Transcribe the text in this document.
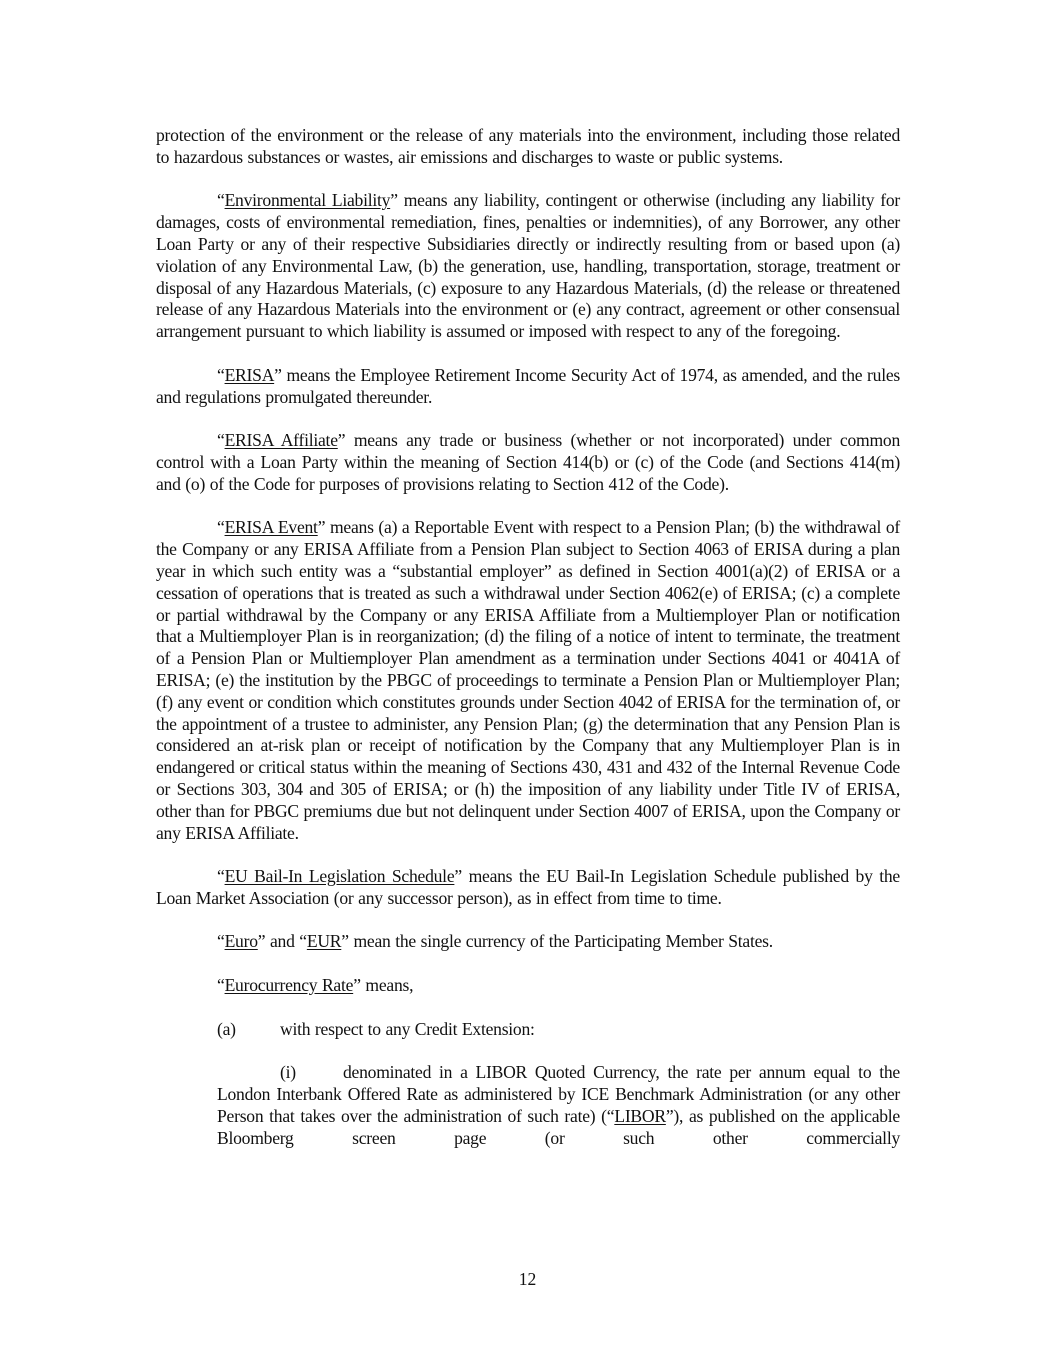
protection of the environment or the release of any materials into the environment, including those related to hazardous substances or wastes, air emissions and discharges to waste or public systems.

“Environmental Liability” means any liability, contingent or otherwise (including any liability for damages, costs of environmental remediation, fines, penalties or indemnities), of any Borrower, any other Loan Party or any of their respective Subsidiaries directly or indirectly resulting from or based upon (a) violation of any Environmental Law, (b) the generation, use, handling, transportation, storage, treatment or disposal of any Hazardous Materials, (c) exposure to any Hazardous Materials, (d) the release or threatened release of any Hazardous Materials into the environment or (e) any contract, agreement or other consensual arrangement pursuant to which liability is assumed or imposed with respect to any of the foregoing.

“ERISA” means the Employee Retirement Income Security Act of 1974, as amended, and the rules and regulations promulgated thereunder.

“ERISA Affiliate” means any trade or business (whether or not incorporated) under common control with a Loan Party within the meaning of Section 414(b) or (c) of the Code (and Sections 414(m) and (o) of the Code for purposes of provisions relating to Section 412 of the Code).

“ERISA Event” means (a) a Reportable Event with respect to a Pension Plan; (b) the withdrawal of the Company or any ERISA Affiliate from a Pension Plan subject to Section 4063 of ERISA during a plan year in which such entity was a “substantial employer” as defined in Section 4001(a)(2) of ERISA or a cessation of operations that is treated as such a withdrawal under Section 4062(e) of ERISA; (c) a complete or partial withdrawal by the Company or any ERISA Affiliate from a Multiemployer Plan or notification that a Multiemployer Plan is in reorganization; (d) the filing of a notice of intent to terminate, the treatment of a Pension Plan or Multiemployer Plan amendment as a termination under Sections 4041 or 4041A of ERISA; (e) the institution by the PBGC of proceedings to terminate a Pension Plan or Multiemployer Plan; (f) any event or condition which constitutes grounds under Section 4042 of ERISA for the termination of, or the appointment of a trustee to administer, any Pension Plan; (g) the determination that any Pension Plan is considered an at-risk plan or receipt of notification by the Company that any Multiemployer Plan is in endangered or critical status within the meaning of Sections 430, 431 and 432 of the Internal Revenue Code or Sections 303, 304 and 305 of ERISA; or (h) the imposition of any liability under Title IV of ERISA, other than for PBGC premiums due but not delinquent under Section 4007 of ERISA, upon the Company or any ERISA Affiliate.

“EU Bail-In Legislation Schedule” means the EU Bail-In Legislation Schedule published by the Loan Market Association (or any successor person), as in effect from time to time.

“Euro” and “EUR” mean the single currency of the Participating Member States.

“Eurocurrency Rate” means,

(a)	with respect to any Credit Extension:

(i)	denominated in a LIBOR Quoted Currency, the rate per annum equal to the London Interbank Offered Rate as administered by ICE Benchmark Administration (or any other Person that takes over the administration of such rate) (“LIBOR”), as published on the applicable Bloomberg screen page (or such other commercially

12
